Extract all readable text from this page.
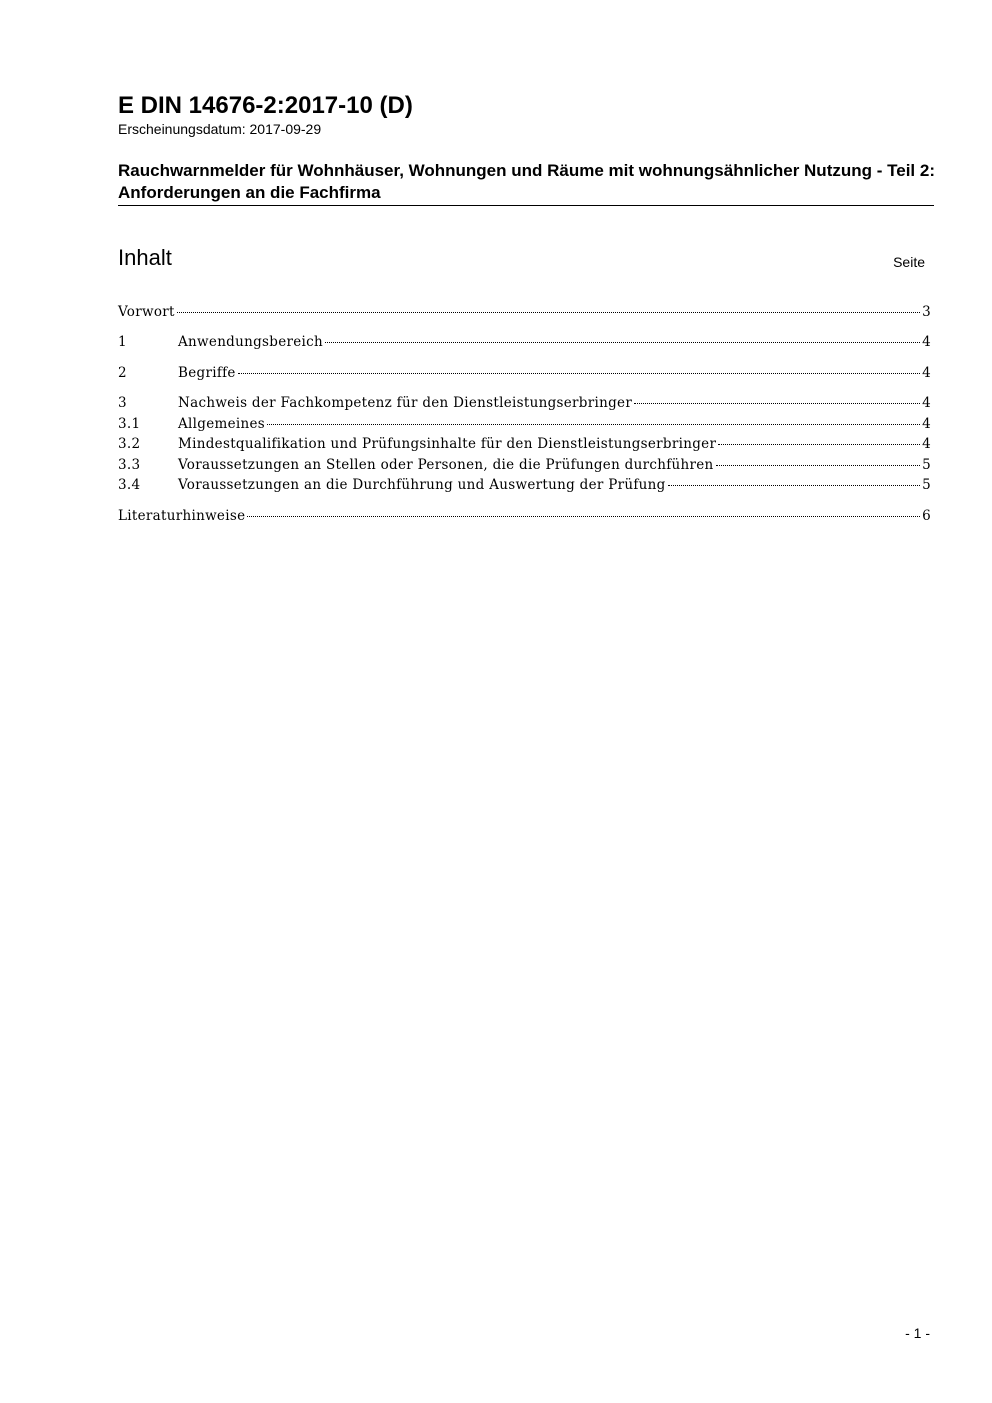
E DIN 14676-2:2017-10 (D)
Erscheinungsdatum: 2017-09-29
Rauchwarnmelder für Wohnhäuser, Wohnungen und Räume mit wohnungsähnlicher Nutzung - Teil 2: Anforderungen an die Fachfirma
Inhalt	Seite
Vorwort	3
1	Anwendungsbereich	4
2	Begriffe	4
3	Nachweis der Fachkompetenz für den Dienstleistungserbringer	4
3.1	Allgemeines	4
3.2	Mindestqualifikation und Prüfungsinhalte für den Dienstleistungserbringer	4
3.3	Voraussetzungen an Stellen oder Personen, die die Prüfungen durchführen	5
3.4	Voraussetzungen an die Durchführung und Auswertung der Prüfung	5
Literaturhinweise	6
- 1 -
